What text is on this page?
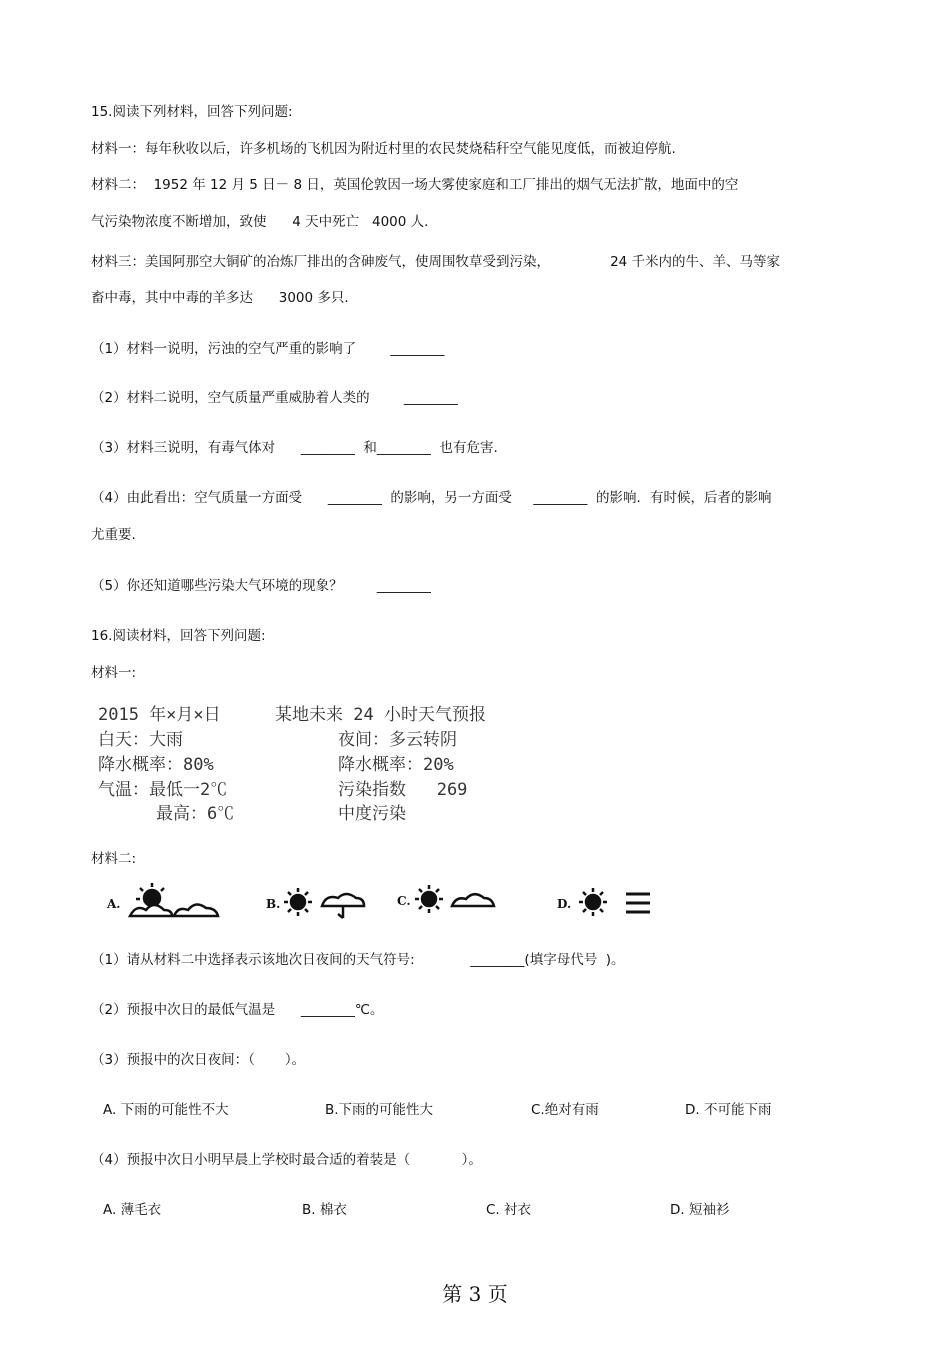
15.阅读下列材料，回答下列问题:
材料一：每年秋收以后，许多机场的飞机因为附近村里的农民焚烧秸秆空气能见度低，而被迫停航.
材料二：  1952 年 12 月 5 日－ 8 日，英国伦敦因一场大雾使家庭和工厂排出的烟气无法扩散，地面中的空
气污染物浓度不断增加，致使      4 天中死亡   4000 人.
材料三：美国阿那空大铜矿的冶炼厂排出的含砷废气，使周围牧草受到污染，              24 千米内的牛、羊、马等家
畜中毒，其中中毒的羊多达      3000 多只.
（1）材料一说明，污浊的空气严重的影响了        ________
（2）材料二说明，空气质量严重威胁着人类的        ________
（3）材料三说明，有毒气体对      ________  和________  也有危害.
（4）由此看出：空气质量一方面受      ________  的影响，另一方面受     ________  的影响．有时候，后者的影响
尤重要.
（5）你还知道哪些污染大气环境的现象？        ________
16.阅读材料，回答下列问题:
材料一:
2015 年×月×日	某地未来 24 小时天气预报
白天：大雨	夜间：多云转阴
降水概率：80%	降水概率：20%
气温：最低一2℃	污染指数   269
最高：6℃	中度污染
材料二:
A.	B.	C.	D.
（1）请从材料二中选择表示该地次日夜间的天气符号:             ________(填字母代号  )。
（2）预报中次日的最低气温是      ________℃。
（3）预报中的次日夜间：（       ）。
A. 下雨的可能性不大	B.下雨的可能性大	C.绝对有雨	D. 不可能下雨
（4）预报中次日小明早晨上学校时最合适的着装是（            ）。
A. 薄毛衣	B. 棉衣	C. 衬衣	D. 短袖衫
第 3 页
